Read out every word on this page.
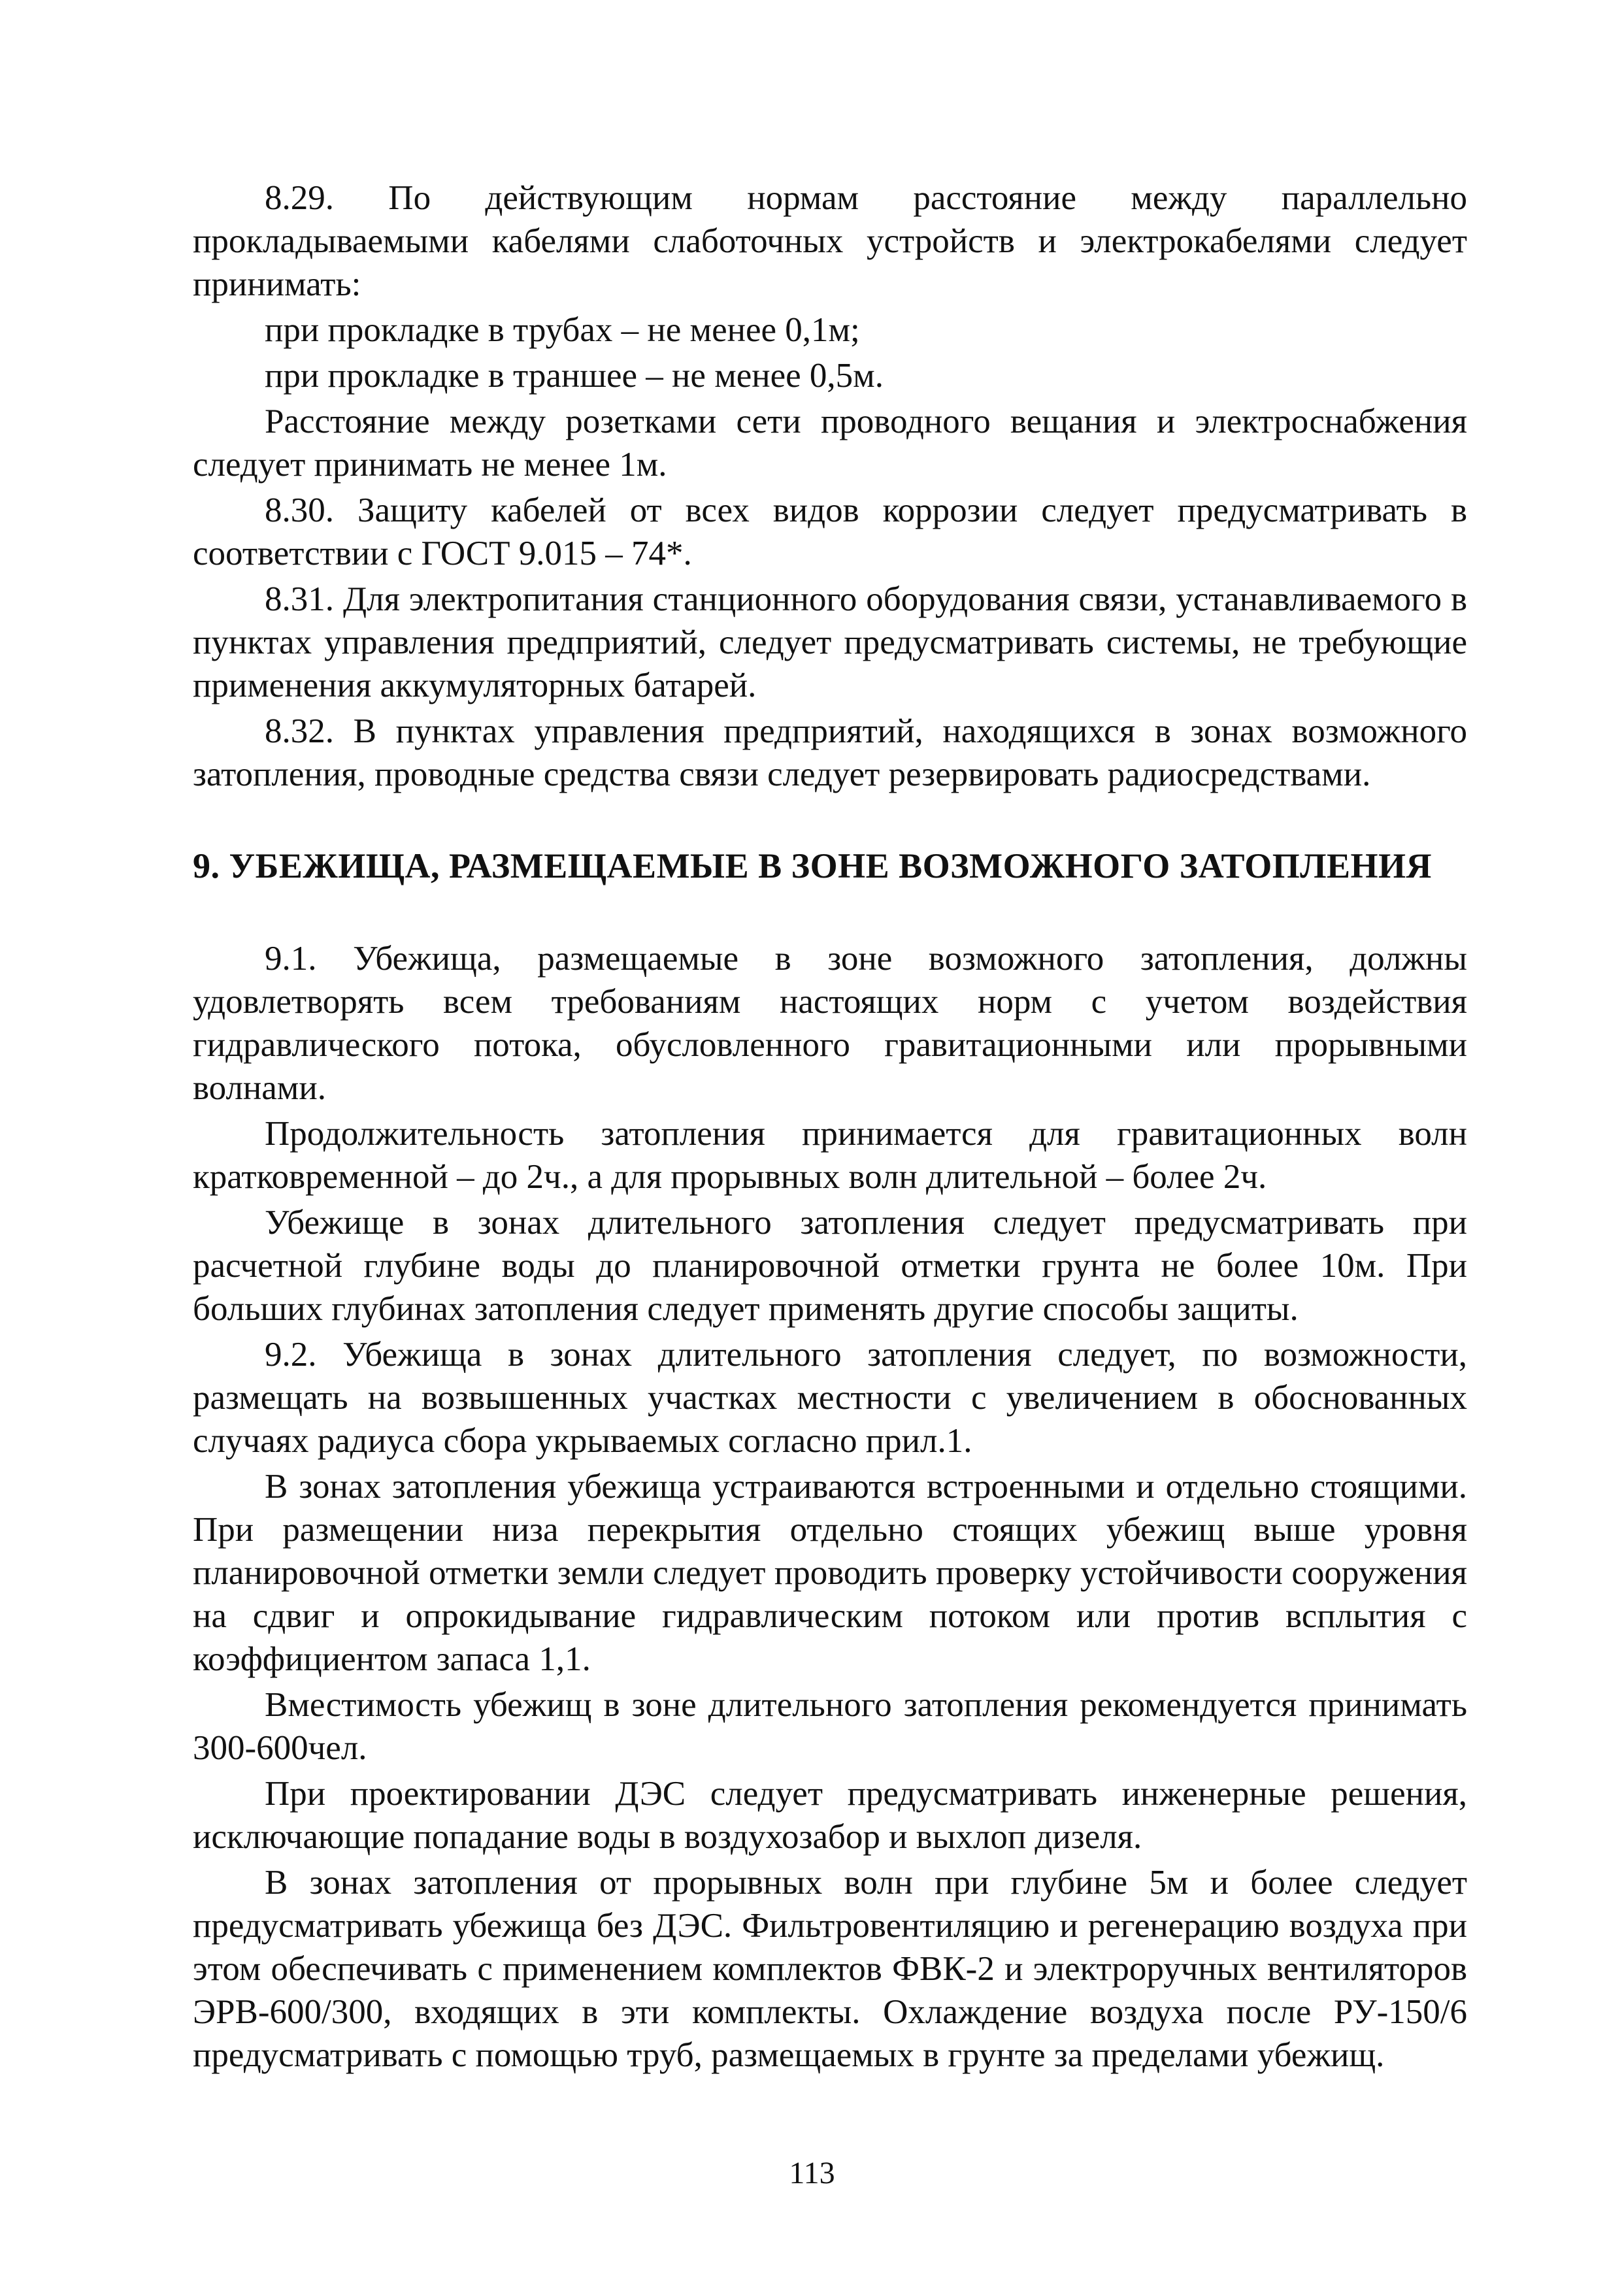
8.29. По действующим нормам расстояние между параллельно прокладываемыми кабелями слаботочных устройств и электрокабелями следует принимать:

при прокладке в трубах – не менее 0,1м;

при прокладке в траншее – не менее 0,5м.

Расстояние между розетками сети проводного вещания и электроснабжения следует принимать не менее 1м.

8.30. Защиту кабелей от всех видов коррозии следует предусматривать в соответствии с ГОСТ 9.015 – 74*.

8.31. Для электропитания станционного оборудования связи, устанавливаемого в пунктах управления предприятий, следует предусматривать системы, не требующие применения аккумуляторных батарей.

8.32. В пунктах управления предприятий, находящихся в зонах возможного затопления, проводные средства связи следует резервировать радиосредствами.

9. УБЕЖИЩА, РАЗМЕЩАЕМЫЕ В ЗОНЕ ВОЗМОЖНОГО ЗАТОПЛЕНИЯ

9.1. Убежища, размещаемые в зоне возможного затопления, должны удовлетворять всем требованиям настоящих норм с учетом воздействия гидравлического потока, обусловленного гравитационными или прорывными волнами.

Продолжительность затопления принимается для гравитационных волн кратковременной – до 2ч., а для прорывных волн длительной – более 2ч.

Убежище в зонах длительного затопления следует предусматривать при расчетной глубине воды до планировочной отметки грунта не более 10м. При больших глубинах затопления следует применять другие способы защиты.

9.2. Убежища в зонах длительного затопления следует, по возможности, размещать на возвышенных участках местности с увеличением в обоснованных случаях радиуса сбора укрываемых согласно прил.1.

В зонах затопления убежища устраиваются встроенными и отдельно стоящими. При размещении низа перекрытия отдельно стоящих убежищ выше уровня планировочной отметки земли следует проводить проверку устойчивости сооружения на сдвиг и опрокидывание гидравлическим потоком или против всплытия с коэффициентом запаса 1,1.

Вместимость убежищ в зоне длительного затопления рекомендуется принимать 300-600чел.

При проектировании ДЭС следует предусматривать инженерные решения, исключающие попадание воды в воздухозабор и выхлоп дизеля.

В зонах затопления от прорывных волн при глубине 5м и более следует предусматривать убежища без ДЭС. Фильтровентиляцию и регенерацию воздуха при этом обеспечивать с применением комплектов ФВК-2 и электроручных вентиляторов ЭРВ-600/300, входящих в эти комплекты. Охлаждение воздуха после РУ-150/6 предусматривать с помощью труб, размещаемых в грунте за пределами убежищ.

113
